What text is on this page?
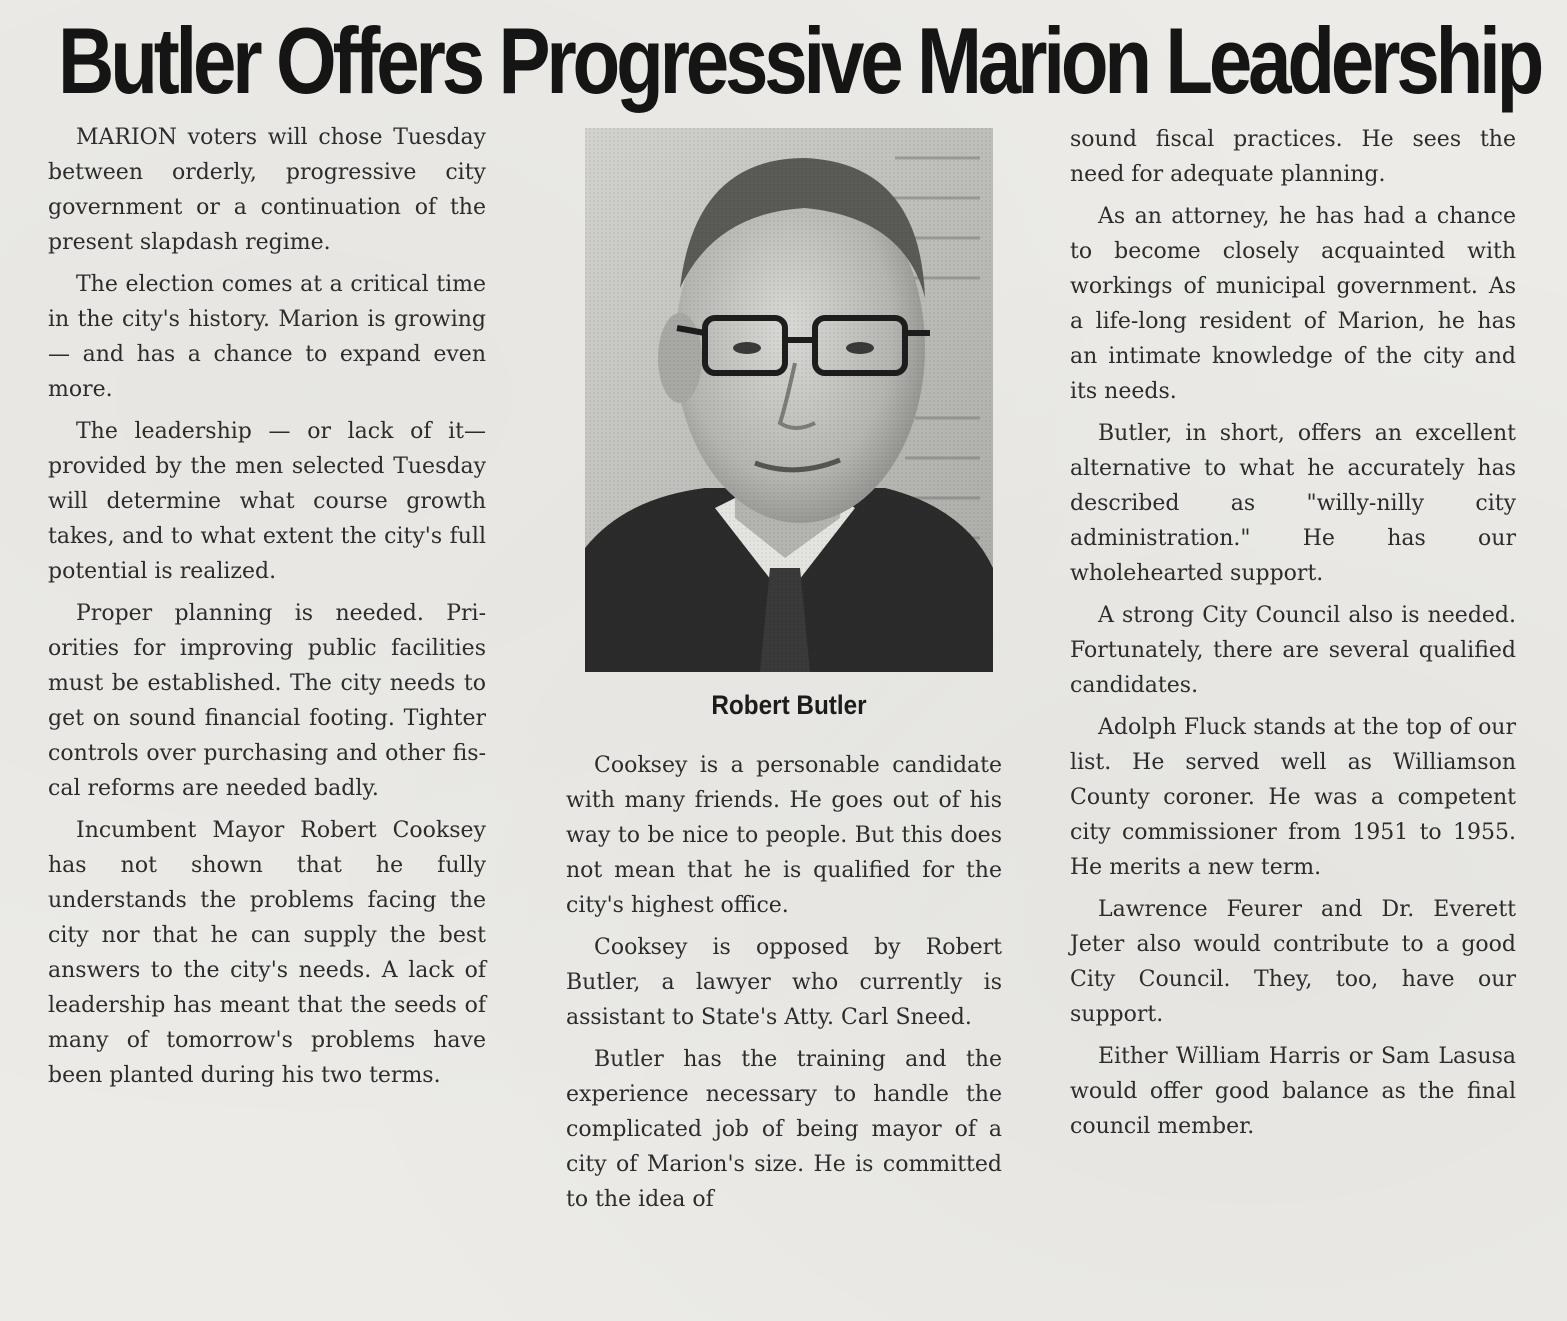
Butler Offers Progressive Marion Leadership

MARION voters will chose Tuesday between orderly, progressive city government or a continuation of the present slapdash regime.

The election comes at a critical time in the city's history. Marion is growing — and has a chance to expand even more.

The leadership — or lack of it—provided by the men selected Tuesday will determine what course growth takes, and to what extent the city's full potential is realized.

Proper planning is needed. Priorities for improving public facilities must be established. The city needs to get on sound financial footing. Tighter controls over purchasing and other fiscal reforms are needed badly.

Incumbent Mayor Robert Cooksey has not shown that he fully understands the problems facing the city nor that he can supply the best answers to the city's needs. A lack of leadership has meant that the seeds of many of tomorrow's problems have been planted during his two terms.

Robert Butler

Cooksey is a personable candidate with many friends. He goes out of his way to be nice to people. But this does not mean that he is qualified for the city's highest office.

Cooksey is opposed by Robert Butler, a lawyer who currently is assistant to State's Atty. Carl Sneed.

Butler has the training and the experience necessary to handle the complicated job of being mayor of a city of Marion's size. He is committed to the idea of

sound fiscal practices. He sees the need for adequate planning.

As an attorney, he has had a chance to become closely acquainted with workings of municipal government. As a life-long resident of Marion, he has an intimate knowledge of the city and its needs.

Butler, in short, offers an excellent alternative to what he accurately has described as "willy-nilly city administration." He has our wholehearted support.

A strong City Council also is needed. Fortunately, there are several qualified candidates.

Adolph Fluck stands at the top of our list. He served well as Williamson County coroner. He was a competent city commissioner from 1951 to 1955. He merits a new term.

Lawrence Feurer and Dr. Everett Jeter also would contribute to a good City Council. They, too, have our support.

Either William Harris or Sam Lasusa would offer good balance as the final council member.
